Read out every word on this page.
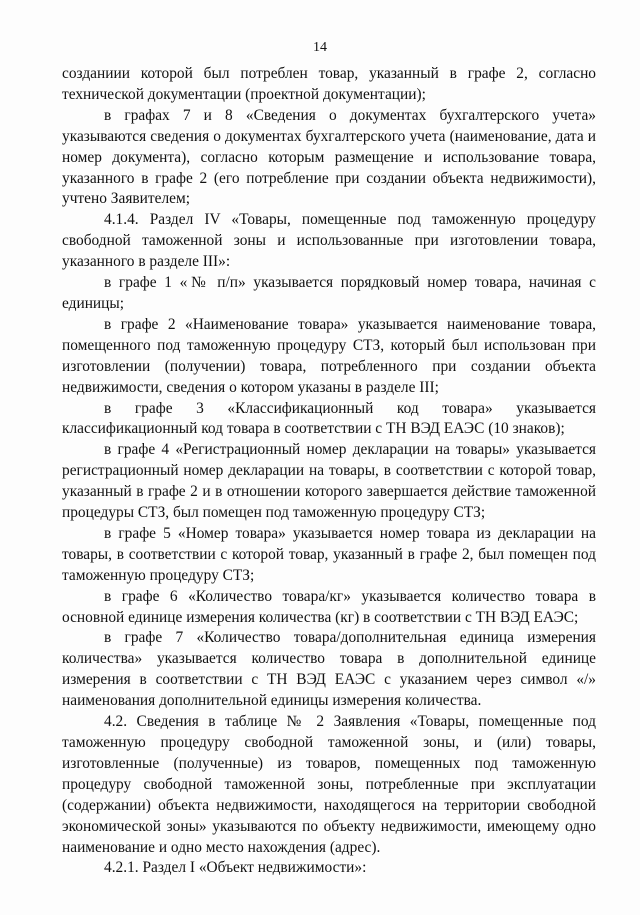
14

созданиии которой был потреблен товар, указанный в графе 2, согласно технической документации (проектной документации);

в графах 7 и 8 «Сведения о документах бухгалтерского учета» указываются сведения о документах бухгалтерского учета (наименование, дата и номер документа), согласно которым размещение и использование товара, указанного в графе 2 (его потребление при создании объекта недвижимости), учтено Заявителем;

4.1.4. Раздел IV «Товары, помещенные под таможенную процедуру свободной таможенной зоны и использованные при изготовлении товара, указанного в разделе III»:

в графе 1 «№ п/п» указывается порядковый номер товара, начиная с единицы;

в графе 2 «Наименование товара» указывается наименование товара, помещенного под таможенную процедуру СТЗ, который был использован при изготовлении (получении) товара, потребленного при создании объекта недвижимости, сведения о котором указаны в разделе III;

в графе 3 «Классификационный код товара» указывается классификационный код товара в соответствии с ТН ВЭД ЕАЭС (10 знаков);

в графе 4 «Регистрационный номер декларации на товары» указывается регистрационный номер декларации на товары, в соответствии с которой товар, указанный в графе 2 и в отношении которого завершается действие таможенной процедуры СТЗ, был помещен под таможенную процедуру СТЗ;

в графе 5 «Номер товара» указывается номер товара из декларации на товары, в соответствии с которой товар, указанный в графе 2, был помещен под таможенную процедуру СТЗ;

в графе 6 «Количество товара/кг» указывается количество товара в основной единице измерения количества (кг) в соответствии с ТН ВЭД ЕАЭС;

в графе 7 «Количество товара/дополнительная единица измерения количества» указывается количество товара в дополнительной единице измерения в соответствии с ТН ВЭД ЕАЭС с указанием через символ «/» наименования дополнительной единицы измерения количества.

4.2. Сведения в таблице № 2 Заявления «Товары, помещенные под таможенную процедуру свободной таможенной зоны, и (или) товары, изготовленные (полученные) из товаров, помещенных под таможенную процедуру свободной таможенной зоны, потребленные при эксплуатации (содержании) объекта недвижимости, находящегося на территории свободной экономической зоны» указываются по объекту недвижимости, имеющему одно наименование и одно место нахождения (адрес).

4.2.1. Раздел I «Объект недвижимости»:
